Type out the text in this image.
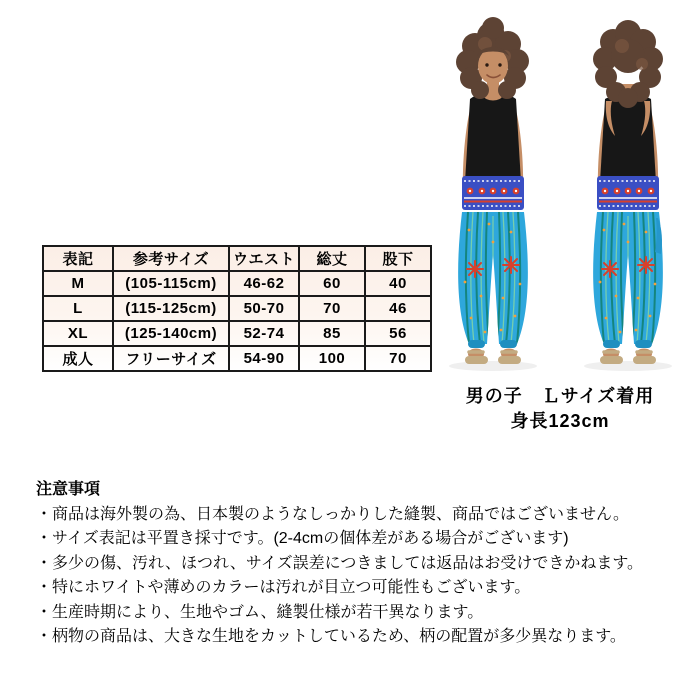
表記	参考サイズ	ウエスト	総丈	股下
M	(105-115cm)	46-62	60	40
L	(115-125cm)	50-70	70	46
XL	(125-140cm)	52-74	85	56
成人	フリーサイズ	54-90	100	70
男の子　Ｌサイズ着用
身長123cm
注意事項
・商品は海外製の為、日本製のようなしっかりした縫製、商品ではございません。
・サイズ表記は平置き採寸です。(2-4cmの個体差がある場合がございます)
・多少の傷、汚れ、ほつれ、サイズ誤差につきましては返品はお受けできかねます。
・特にホワイトや薄めのカラーは汚れが目立つ可能性もございます。
・生産時期により、生地やゴム、縫製仕様が若干異なります。
・柄物の商品は、大きな生地をカットしているため、柄の配置が多少異なります。
